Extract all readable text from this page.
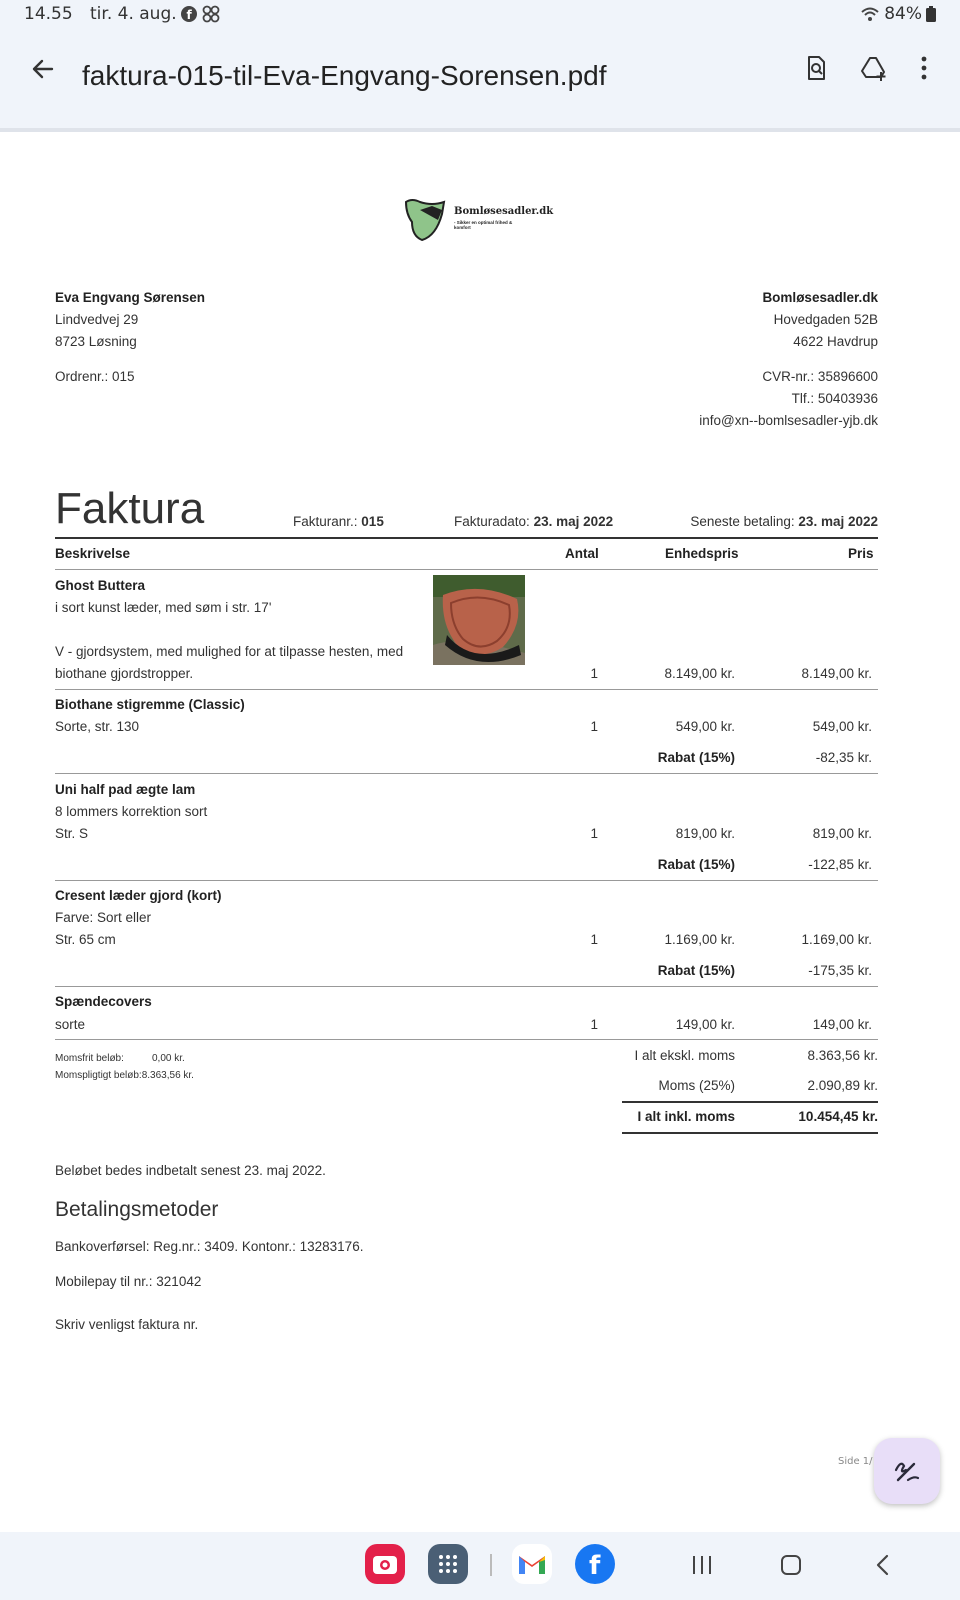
14.55 tir. 4. aug. f	84%
faktura-015-til-Eva-Engvang-Sorensen.pdf
Bomløsesadler.dk
- Sikker en optimal frihed & komfort
Eva Engvang Sørensen
Lindvedvej 29
8723 Løsning
Ordrenr.: 015
Bomløsesadler.dk
Hovedgaden 52B
4622 Havdrup
CVR-nr.: 35896600
Tlf.: 50403936
info@xn--bomlsesadler-yjb.dk
Faktura	Fakturanr.: 015	Fakturadato: 23. maj 2022	Seneste betaling: 23. maj 2022
Beskrivelse	Antal	Enhedspris	Pris
Ghost Buttera
i sort kunst læder, med søm i str. 17'
V - gjordsystem, med mulighed for at tilpasse hesten, med
biothane gjordstropper.	1	8.149,00 kr.	8.149,00 kr.
Biothane stigremme (Classic)
Sorte, str. 130	1	549,00 kr.	549,00 kr.
Rabat (15%)	-82,35 kr.
Uni half pad ægte lam
8 lommers korrektion sort
Str. S	1	819,00 kr.	819,00 kr.
Rabat (15%)	-122,85 kr.
Cresent læder gjord (kort)
Farve: Sort eller
Str. 65 cm	1	1.169,00 kr.	1.169,00 kr.
Rabat (15%)	-175,35 kr.
Spændecovers
sorte	1	149,00 kr.	149,00 kr.
Momsfrit beløb:	0,00 kr.
Momspligtigt beløb:8.363,56 kr.
I alt ekskl. moms	8.363,56 kr.
Moms (25%)	2.090,89 kr.
I alt inkl. moms	10.454,45 kr.
Beløbet bedes indbetalt senest 23. maj 2022.
Betalingsmetoder
Bankoverførsel: Reg.nr.: 3409. Kontonr.: 13283176.
Mobilepay til nr.: 321042
Skriv venligst faktura nr.
Side 1/
f
